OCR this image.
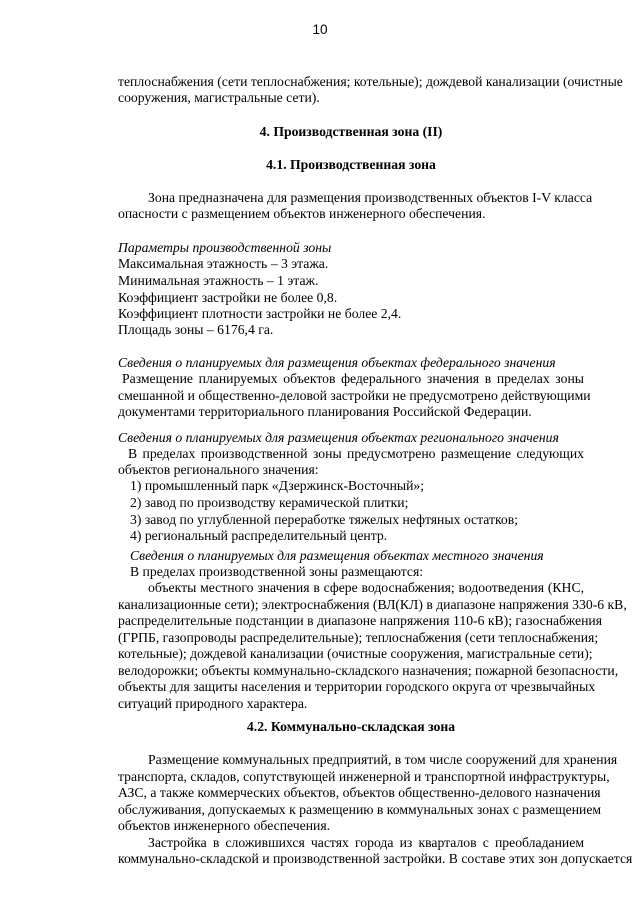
10
теплоснабжения (сети теплоснабжения; котельные); дождевой канализации (очистные
сооружения, магистральные сети).
4. Производственная зона (II)
4.1. Производственная зона
Зона предназначена для размещения производственных объектов I-V класса
опасности с размещением объектов инженерного обеспечения.
Параметры производственной зоны
Максимальная этажность – 3 этажа.
Минимальная этажность – 1 этаж.
Коэффициент застройки не более 0,8.
Коэффициент плотности застройки не более 2,4.
Площадь зоны – 6176,4 га.
Сведения о планируемых для размещения объектах федерального значения
Размещение планируемых объектов федерального значения в пределах зоны
смешанной и общественно-деловой застройки не предусмотрено действующими
документами территориального планирования Российской Федерации.
Сведения о планируемых для размещения объектах регионального значения
В пределах производственной зоны предусмотрено размещение следующих
объектов регионального значения:
1) промышленный парк «Дзержинск-Восточный»;
2) завод по производству керамической плитки;
3) завод по углубленной переработке тяжелых нефтяных остатков;
4) региональный распределительный центр.
Сведения о планируемых для размещения объектах местного значения
В пределах производственной зоны размещаются:
объекты местного значения в сфере водоснабжения; водоотведения (КНС,
канализационные сети); электроснабжения (ВЛ(КЛ) в диапазоне напряжения 330-6 кВ,
распределительные подстанции в диапазоне напряжения 110-6 кВ); газоснабжения
(ГРПБ, газопроводы распределительные); теплоснабжения (сети теплоснабжения;
котельные); дождевой канализации (очистные сооружения, магистральные сети);
велодорожки; объекты коммунально-складского назначения; пожарной безопасности,
объекты для защиты населения и территории городского округа от чрезвычайных
ситуаций природного характера.
4.2. Коммунально-складская зона
Размещение коммунальных предприятий, в том числе сооружений для хранения
транспорта, складов, сопутствующей инженерной и транспортной инфраструктуры,
АЗС, а также коммерческих объектов, объектов общественно-делового назначения
обслуживания, допускаемых к размещению в коммунальных зонах с размещением
объектов инженерного обеспечения.
Застройка в сложившихся частях города из кварталов с преобладанием
коммунально-складской и производственной застройки. В составе этих зон допускается
